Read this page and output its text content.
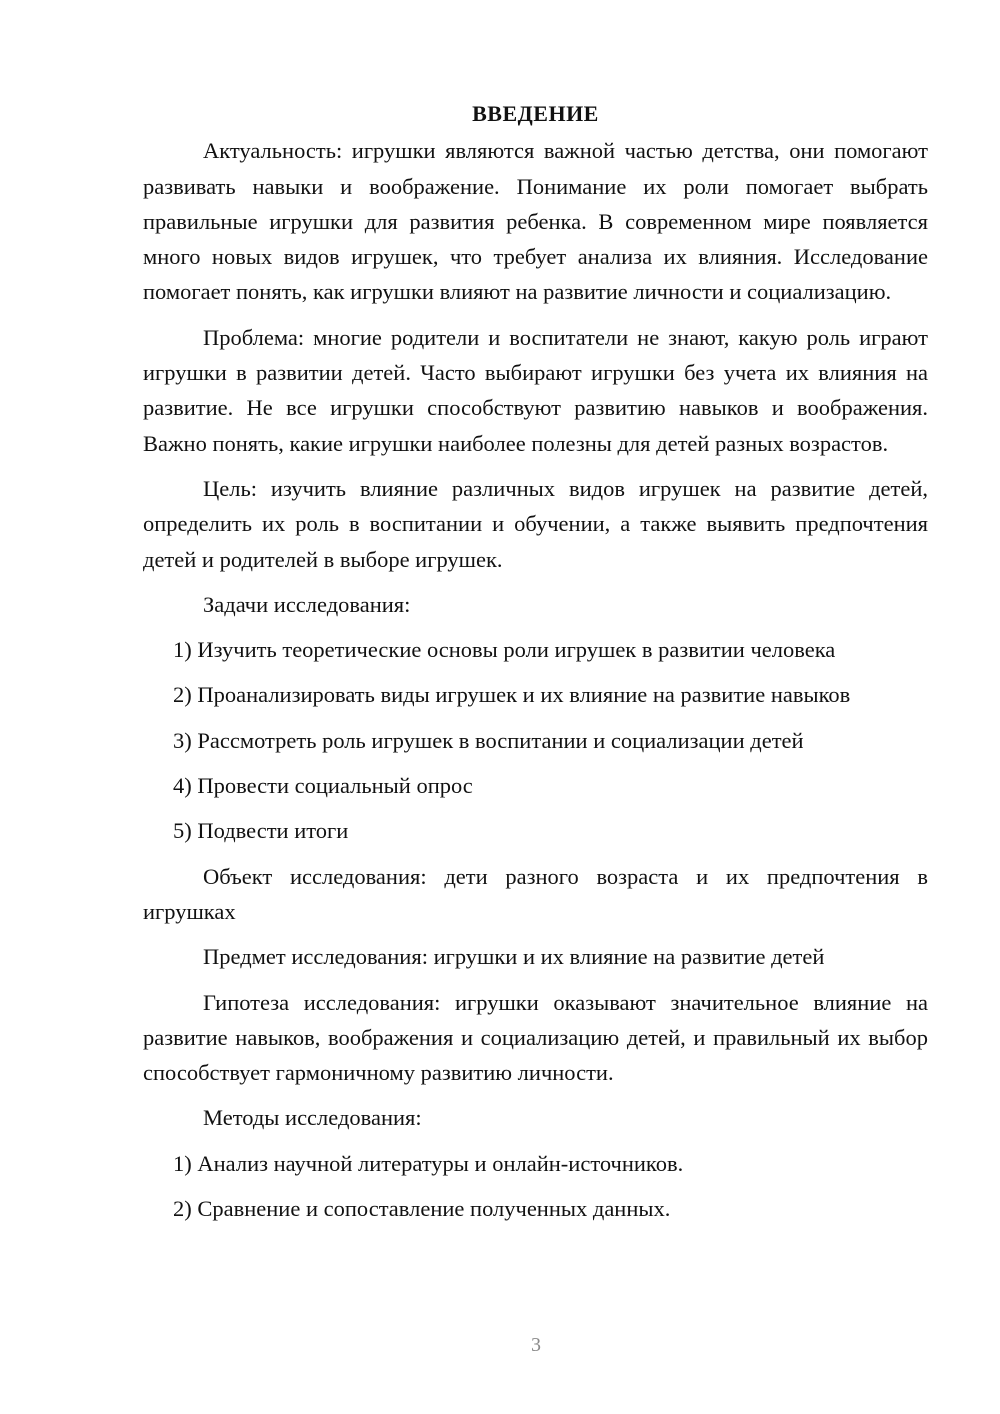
ВВЕДЕНИЕ

Актуальность: игрушки являются важной частью детства, они помогают развивать навыки и воображение. Понимание их роли помогает выбрать правильные игрушки для развития ребенка. В современном мире появляется много новых видов игрушек, что требует анализа их влияния. Исследование помогает понять, как игрушки влияют на развитие личности и социализацию.

Проблема: многие родители и воспитатели не знают, какую роль играют игрушки в развитии детей. Часто выбирают игрушки без учета их влияния на развитие. Не все игрушки способствуют развитию навыков и воображения. Важно понять, какие игрушки наиболее полезны для детей разных возрастов.

Цель: изучить влияние различных видов игрушек на развитие детей, определить их роль в воспитании и обучении, а также выявить предпочтения детей и родителей в выборе игрушек.

Задачи исследования:

1) Изучить теоретические основы роли игрушек в развитии человека
2) Проанализировать виды игрушек и их влияние на развитие навыков
3) Рассмотреть роль игрушек в воспитании и социализации детей
4) Провести социальный опрос
5) Подвести итоги

Объект исследования: дети разного возраста и их предпочтения в игрушках

Предмет исследования: игрушки и их влияние на развитие детей

Гипотеза исследования: игрушки оказывают значительное влияние на развитие навыков, воображения и социализацию детей, и правильный их выбор способствует гармоничному развитию личности.

Методы исследования:

1) Анализ научной литературы и онлайн-источников.
2) Сравнение и сопоставление полученных данных.
3
